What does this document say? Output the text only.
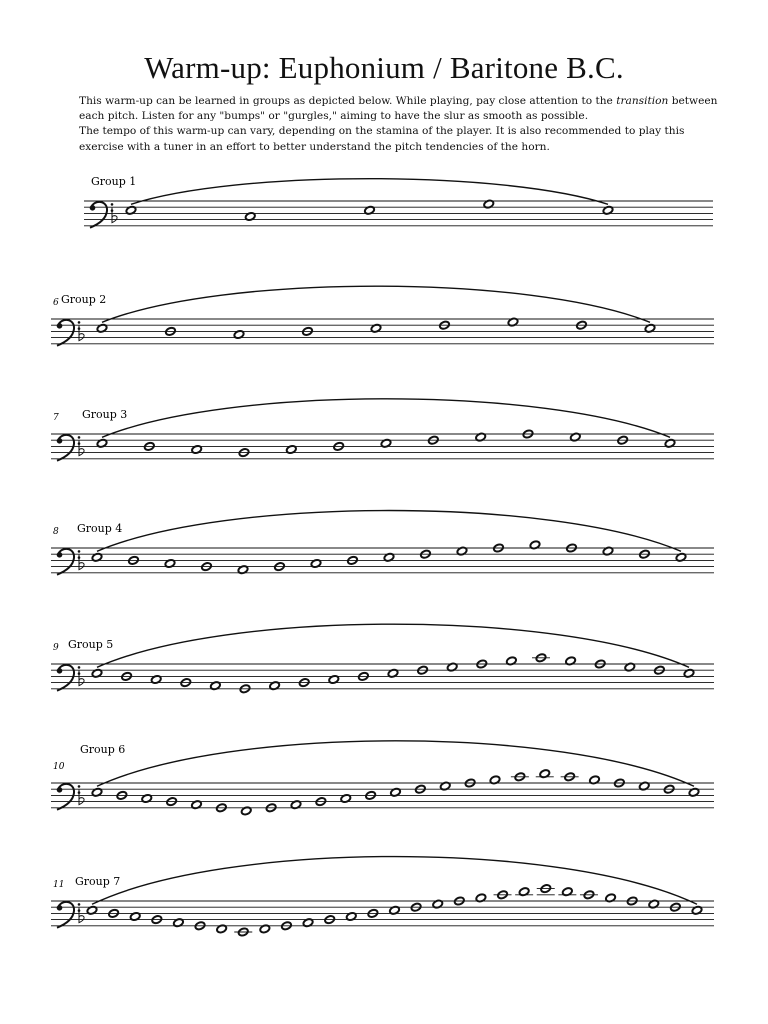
Warm-up: Euphonium / Baritone B.C.

This warm-up can be learned in groups as depicted below. While playing, pay close attention to the transition between each pitch. Listen for any "bumps" or "gurgles," aiming to have the slur as smooth as possible.

The tempo of this warm-up can vary, depending on the stamina of the player. It is also recommended to play this exercise with a tuner in an effort to better understand the pitch tendencies of the horn.

Group 1
Group 2
6
Group 3
7
Group 4
8
Group 5
9
Group 6
10
Group 7
11
